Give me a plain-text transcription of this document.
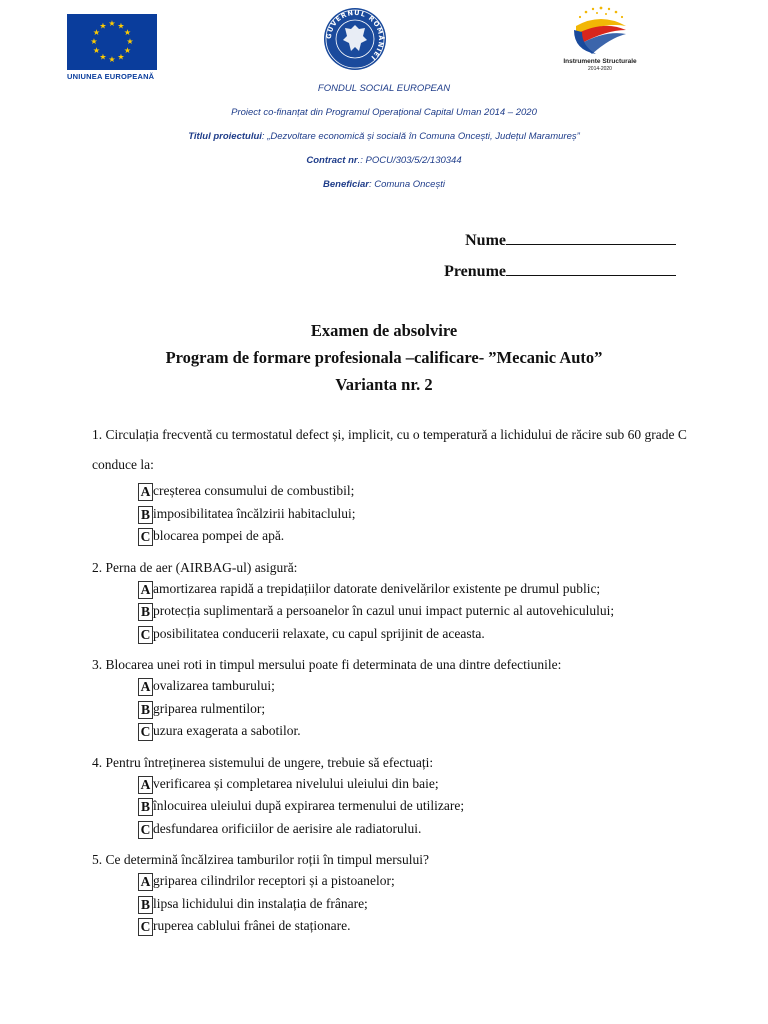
★ ★
★
★
★
★
★
★
★
★
★
★
UNIUNEA EUROPEANĂ
GUVERNUL ROMÂNIEI	Instrumente Structurale
2014-2020
FONDUL SOCIAL EUROPEAN
Proiect co-finanțat din Programul Operațional Capital Uman 2014 – 2020
Titlul proiectului: „Dezvoltare economică și socială în Comuna Oncești, Județul Maramureș”
Contract nr.: POCU/303/5/2/130344
Beneficiar: Comuna Oncești
Nume
Prenume
Examen de absolvire
Program de formare profesionala –calificare- ”Mecanic Auto”
Varianta nr. 2
1. Circulația frecventă cu termostatul defect și, implicit, cu o temperatură a lichidului de răcire sub 60 grade C conduce la:
A creșterea consumului de combustibil;
B imposibilitatea încălzirii habitaclului;
C blocarea pompei de apă.
2. Perna de aer (AIRBAG-ul) asigură:
A amortizarea rapidă a trepidațiilor datorate denivelărilor existente pe drumul public;
B protecția suplimentară a persoanelor în cazul unui impact puternic al autovehiculului;
C posibilitatea conducerii relaxate, cu capul sprijinit de aceasta.
3. Blocarea unei roti in timpul mersului poate fi determinata de una dintre defectiunile:
A ovalizarea tamburului;
B griparea rulmentilor;
C uzura exagerata a sabotilor.
4. Pentru întreținerea sistemului de ungere, trebuie să efectuați:
A verificarea și completarea nivelului uleiului din baie;
B înlocuirea uleiului după expirarea termenului de utilizare;
C desfundarea orificiilor de aerisire ale radiatorului.
5. Ce determină încălzirea tamburilor roții în timpul mersului?
A griparea cilindrilor receptori și a pistoanelor;
B lipsa lichidului din instalația de frânare;
C ruperea cablului frânei de staționare.
